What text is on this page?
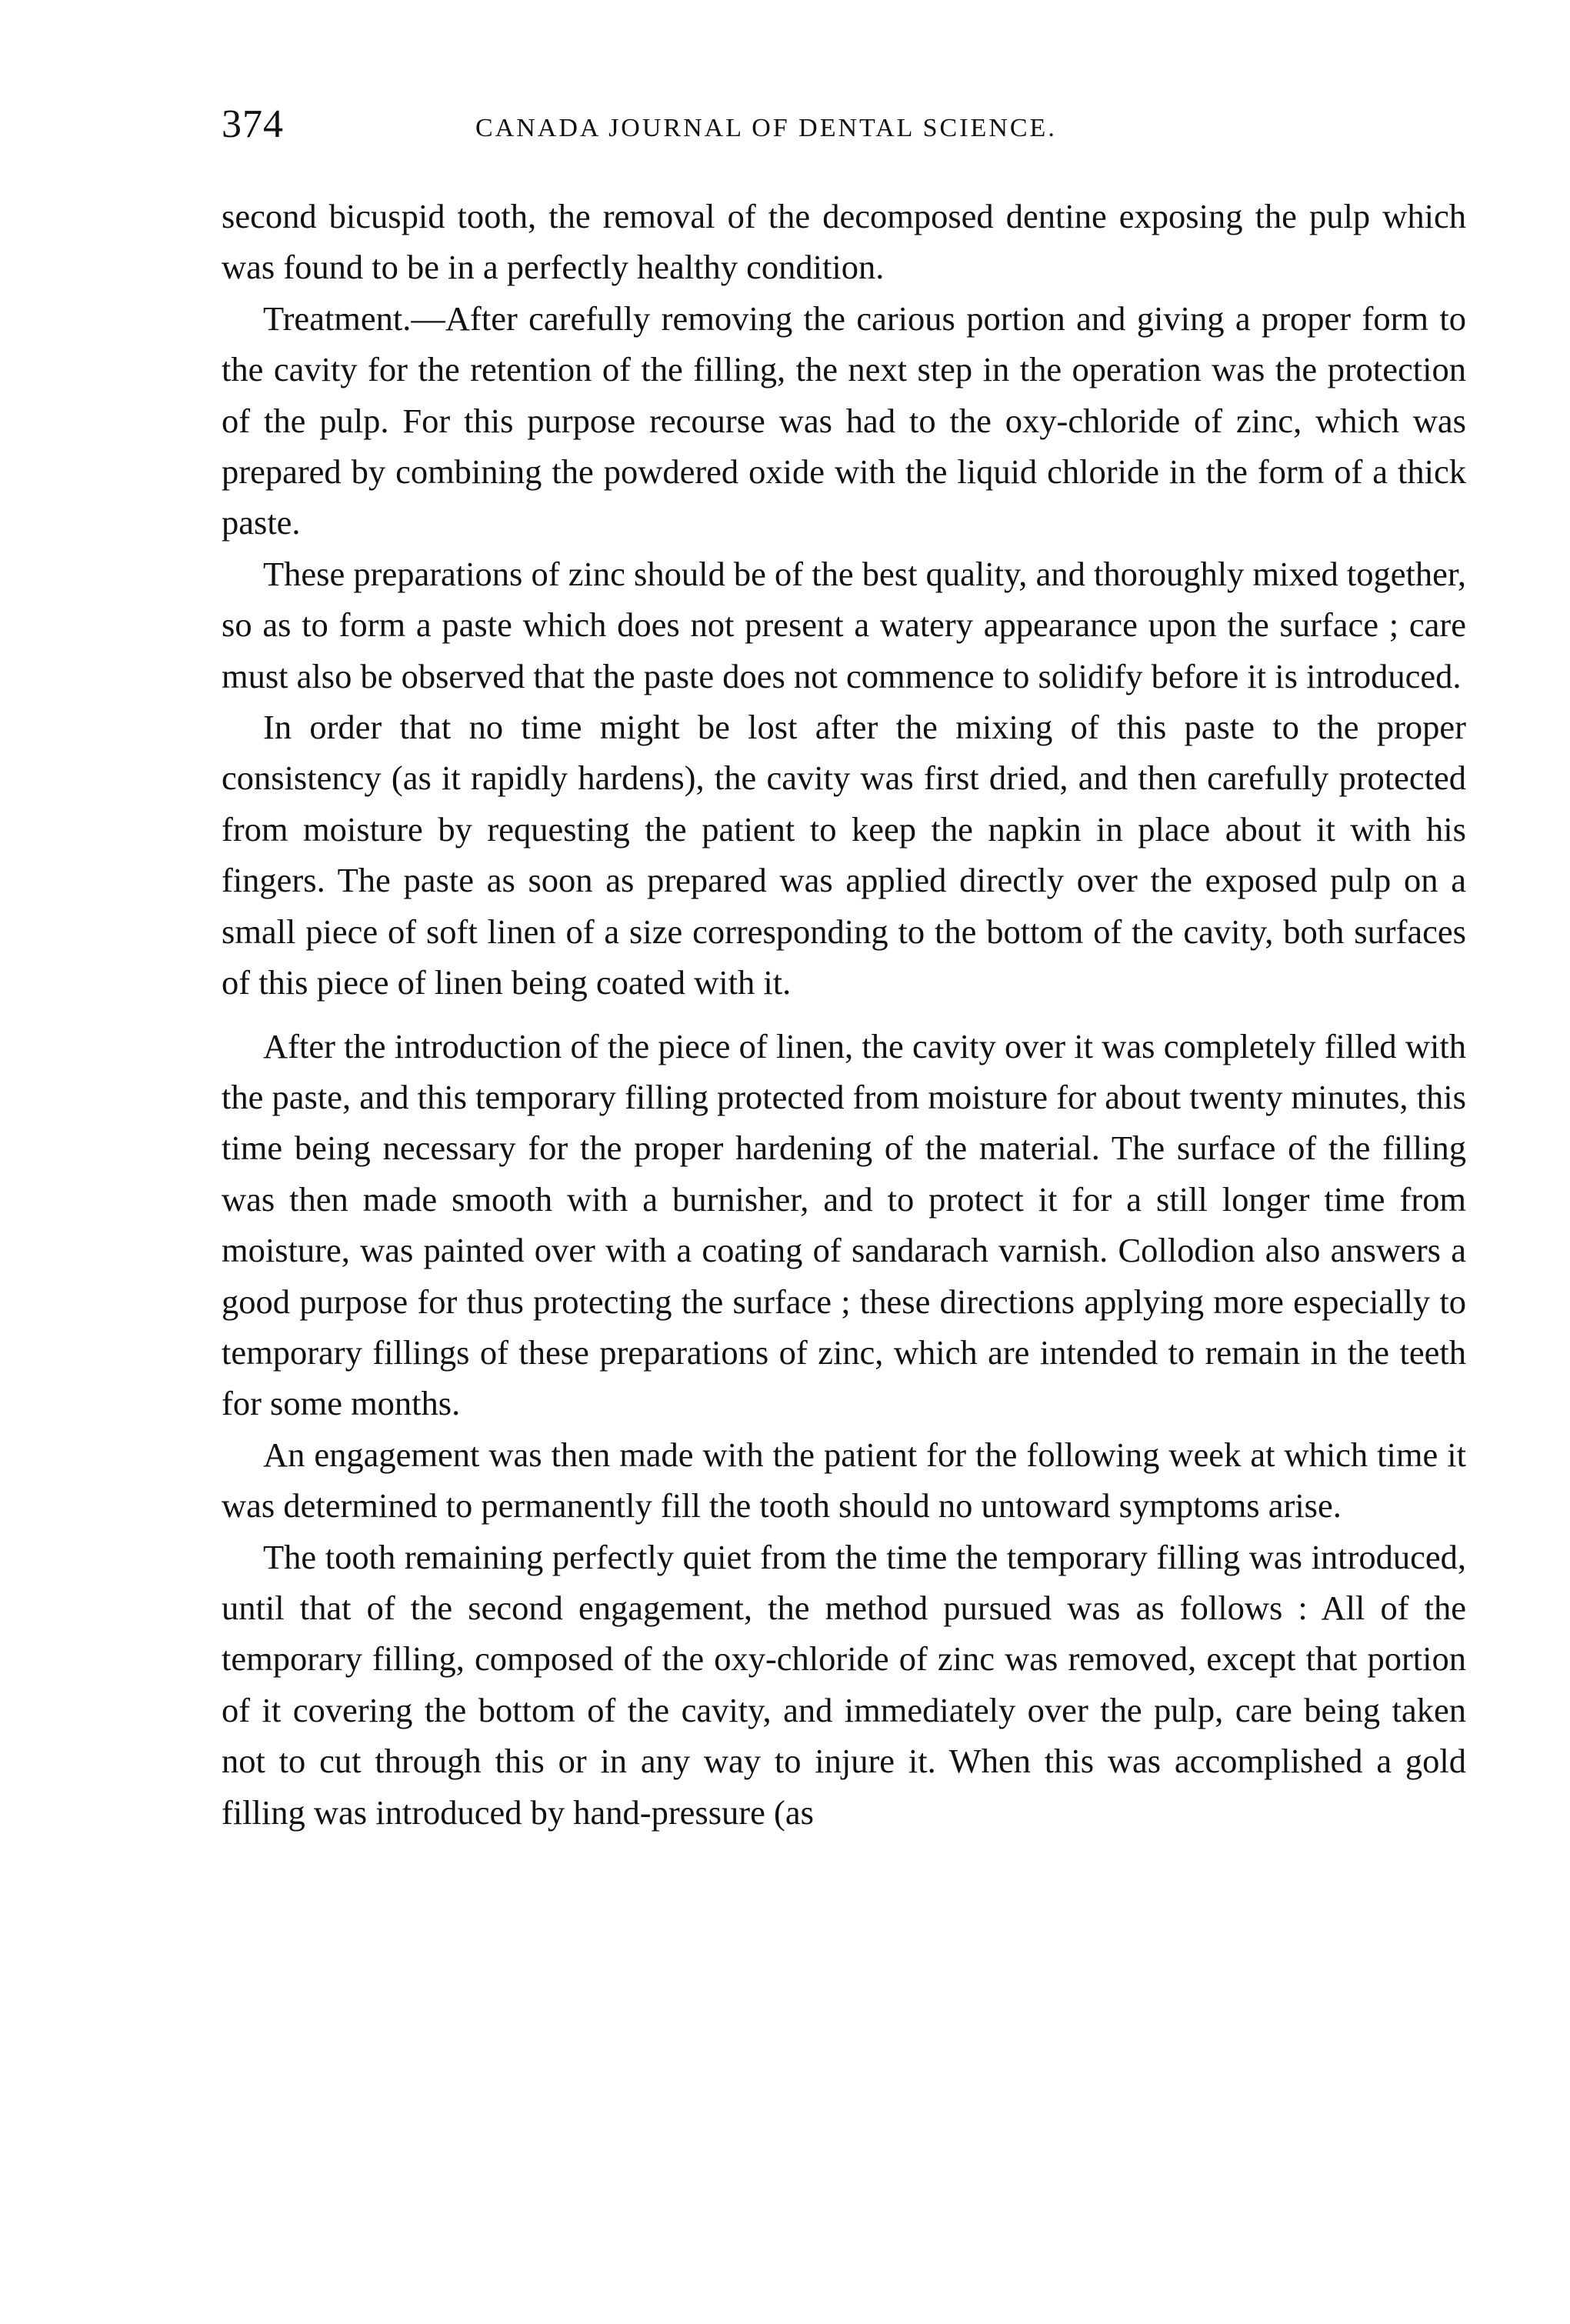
374	CANADA JOURNAL OF DENTAL SCIENCE.

second bicuspid tooth, the removal of the decomposed dentine exposing the pulp which was found to be in a perfectly healthy condition.

Treatment.—After carefully removing the carious portion and giving a proper form to the cavity for the retention of the filling, the next step in the operation was the protection of the pulp. For this purpose recourse was had to the oxy-chloride of zinc, which was prepared by combining the powdered oxide with the liquid chloride in the form of a thick paste.

These preparations of zinc should be of the best quality, and thoroughly mixed together, so as to form a paste which does not present a watery appearance upon the surface ; care must also be observed that the paste does not commence to solidify before it is introduced.

In order that no time might be lost after the mixing of this paste to the proper consistency (as it rapidly hardens), the cavity was first dried, and then carefully protected from moisture by requesting the patient to keep the napkin in place about it with his fingers. The paste as soon as prepared was applied directly over the exposed pulp on a small piece of soft linen of a size corresponding to the bottom of the cavity, both surfaces of this piece of linen being coated with it.

After the introduction of the piece of linen, the cavity over it was completely filled with the paste, and this temporary filling protected from moisture for about twenty minutes, this time being necessary for the proper hardening of the material. The surface of the filling was then made smooth with a burnisher, and to protect it for a still longer time from moisture, was painted over with a coating of sandarach varnish. Collodion also answers a good purpose for thus protecting the surface ; these directions applying more especially to temporary fillings of these preparations of zinc, which are intended to remain in the teeth for some months.

An engagement was then made with the patient for the following week at which time it was determined to permanently fill the tooth should no untoward symptoms arise.

The tooth remaining perfectly quiet from the time the temporary filling was introduced, until that of the second engagement, the method pursued was as follows : All of the temporary filling, composed of the oxy-chloride of zinc was removed, except that portion of it covering the bottom of the cavity, and immediately over the pulp, care being taken not to cut through this or in any way to injure it. When this was accomplished a gold filling was introduced by hand-pressure (as
